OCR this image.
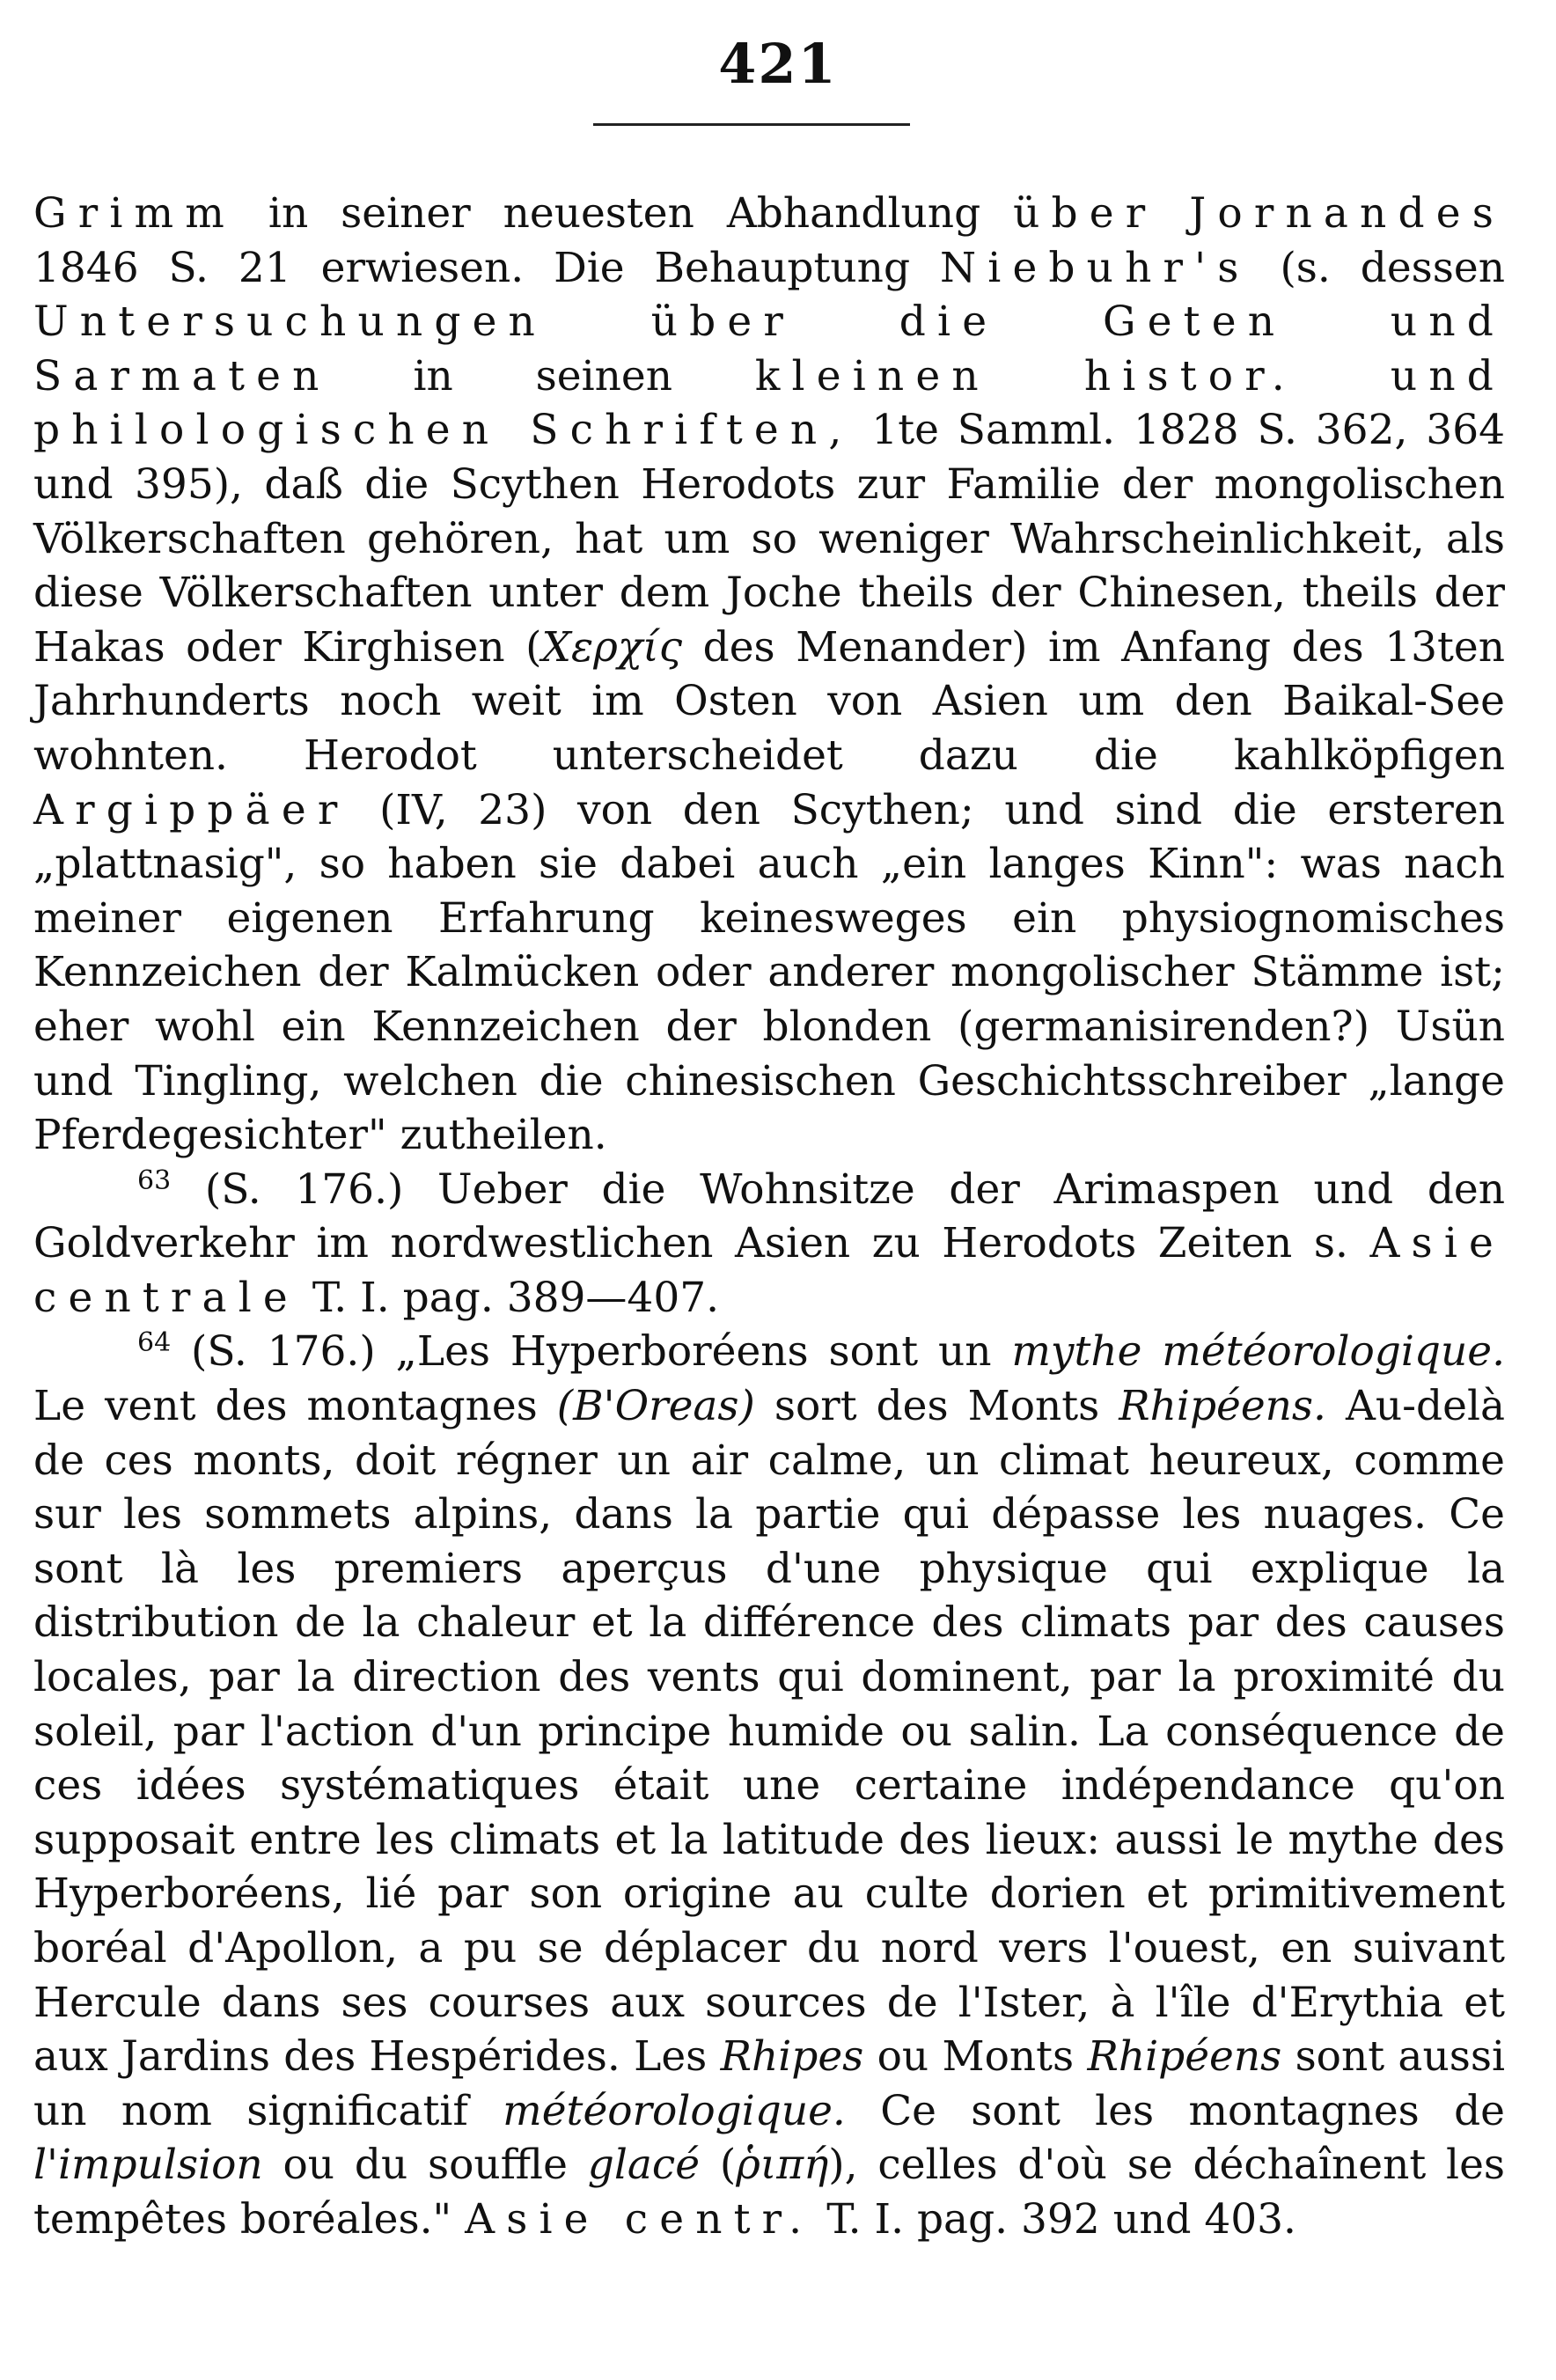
421

Grimm in seiner neuesten Abhandlung über Jornandes 1846 S. 21 erwiesen. Die Behauptung Niebuhr's (s. dessen Untersuchungen über die Geten und Sarmaten in seinen kleinen histor. und philologischen Schriften, 1te Samml. 1828 S. 362, 364 und 395), daß die Scythen Herodots zur Familie der mongolischen Völkerschaften gehören, hat um so weniger Wahrscheinlichkeit, als diese Völkerschaften unter dem Joche theils der Chinesen, theils der Hakas oder Kirghisen (Χερχίς des Menander) im Anfang des 13ten Jahrhunderts noch weit im Osten von Asien um den Baikal-See wohnten. Herodot unterscheidet dazu die kahlköpfigen Argippäer (IV, 23) von den Scythen; und sind die ersteren „plattnasig", so haben sie dabei auch „ein langes Kinn": was nach meiner eigenen Erfahrung keinesweges ein physiognomisches Kennzeichen der Kalmücken oder anderer mongolischer Stämme ist; eher wohl ein Kennzeichen der blonden (germanisirenden?) Usün und Tingling, welchen die chinesischen Geschichtsschreiber „lange Pferdegesichter" zutheilen.

$^{63}$ (S. 176.) Ueber die Wohnsitze der Arimaspen und den Goldverkehr im nordwestlichen Asien zu Herodots Zeiten s. Asie centrale T. I. pag. 389—407.

$^{64}$ (S. 176.) „Les Hyperboréens sont un mythe météorologique. Le vent des montagnes (B'Oreas) sort des Monts Rhipéens. Au-delà de ces monts, doit régner un air calme, un climat heureux, comme sur les sommets alpins, dans la partie qui dépasse les nuages. Ce sont là les premiers aperçus d'une physique qui explique la distribution de la chaleur et la différence des climats par des causes locales, par la direction des vents qui dominent, par la proximité du soleil, par l'action d'un principe humide ou salin. La conséquence de ces idées systématiques était une certaine indépendance qu'on supposait entre les climats et la latitude des lieux: aussi le mythe des Hyperboréens, lié par son origine au culte dorien et primitivement boréal d'Apollon, a pu se déplacer du nord vers l'ouest, en suivant Hercule dans ses courses aux sources de l'Ister, à l'île d'Erythia et aux Jardins des Hespérides. Les Rhipes ou Monts Rhipéens sont aussi un nom significatif météorologique. Ce sont les montagnes de l'impulsion ou du souffle glacé (ῥιπή), celles d'où se déchaînent les tempêtes boréales." Asie centr. T. I. pag. 392 und 403.
